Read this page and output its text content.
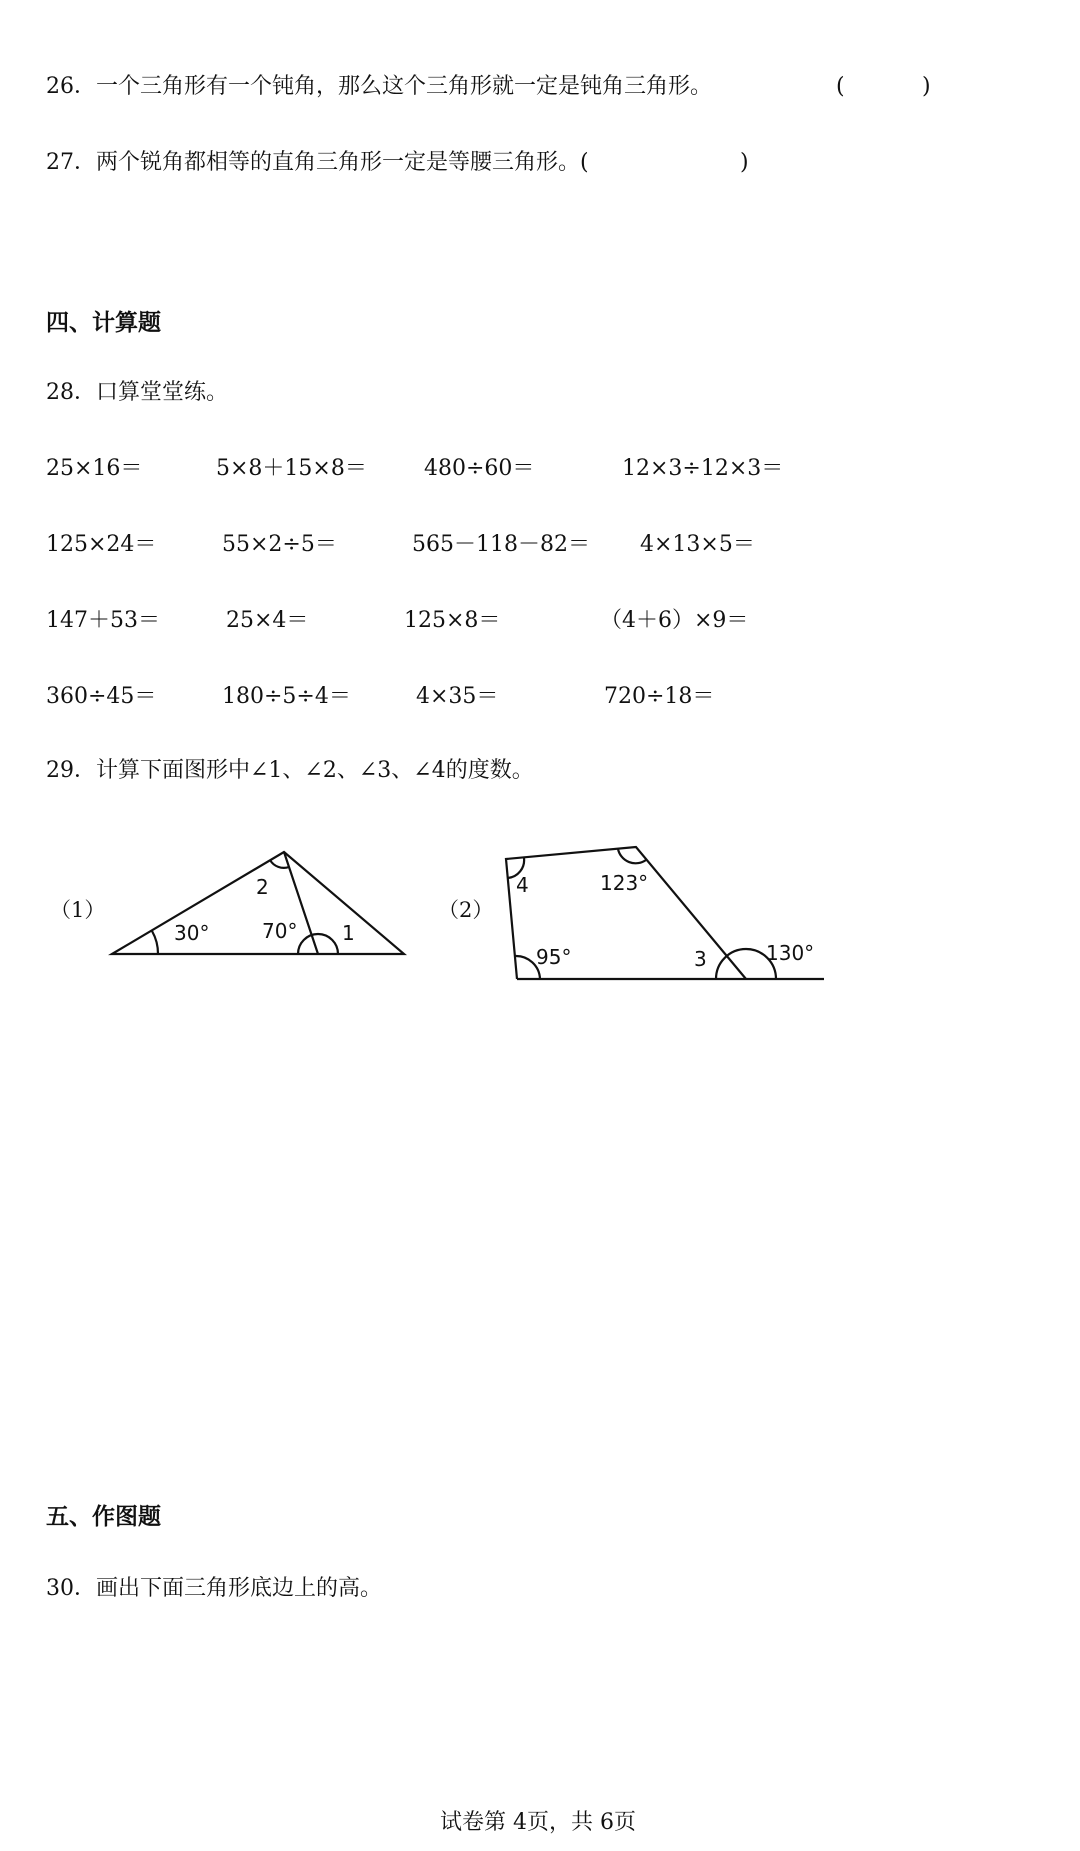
26．一个三角形有一个钝角，那么这个三角形就一定是钝角三角形。	(	)
27．两个锐角都相等的直角三角形一定是等腰三角形。(	)
四、计算题
28．口算堂堂练。
25×16＝	5×8＋15×8＝	480÷60＝	12×3÷12×3＝
125×24＝	55×2÷5＝	565－118－82＝ 4×13×5＝
147＋53＝	25×4＝	125×8＝	（4＋6）×9＝
360÷45＝	180÷5÷4＝	4×35＝	720÷18＝
29．计算下面图形中∠1、∠2、∠3、∠4的度数。
（1）	（2）
30°	70° 1
2	4	123°
95°	3	130°
五、作图题
30．画出下面三角形底边上的高。
试卷第 4页，共 6页
